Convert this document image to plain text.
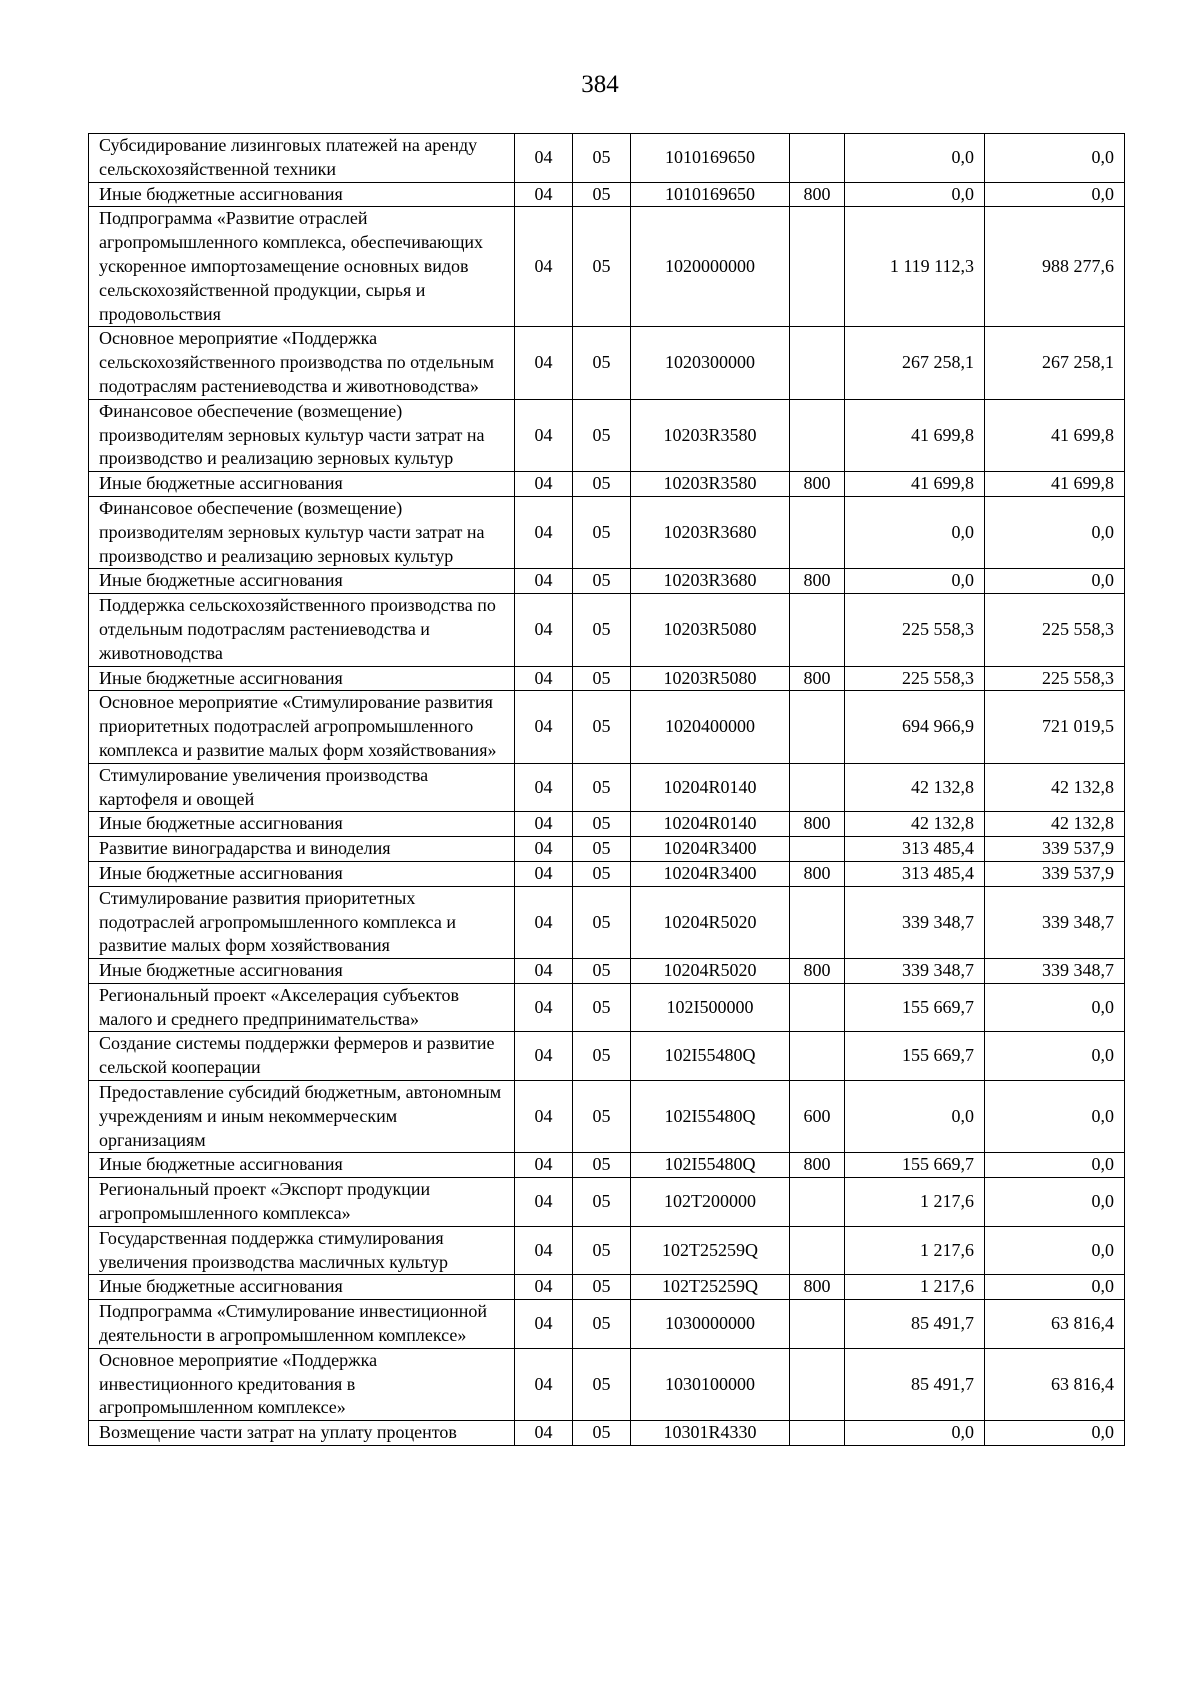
384
Субсидирование лизинговых платежей на аренду сельскохозяйственной техники	04	05	1010169650		0,0	0,0
Иные бюджетные ассигнования	04	05	1010169650	800	0,0	0,0
Подпрограмма «Развитие отраслей агропромышленного комплекса, обеспечивающих ускоренное импортозамещение основных видов сельскохозяйственной продукции, сырья и продовольствия	04	05	1020000000		1 119 112,3	988 277,6
Основное мероприятие «Поддержка сельскохозяйственного производства по отдельным подотраслям растениеводства и животноводства»	04	05	1020300000		267 258,1	267 258,1
Финансовое обеспечение (возмещение) производителям зерновых культур части затрат на производство и реализацию зерновых культур	04	05	10203R3580		41 699,8	41 699,8
Иные бюджетные ассигнования	04	05	10203R3580	800	41 699,8	41 699,8
Финансовое обеспечение (возмещение) производителям зерновых культур части затрат на производство и реализацию зерновых культур	04	05	10203R3680		0,0	0,0
Иные бюджетные ассигнования	04	05	10203R3680	800	0,0	0,0
Поддержка сельскохозяйственного производства по отдельным подотраслям растениеводства и животноводства	04	05	10203R5080		225 558,3	225 558,3
Иные бюджетные ассигнования	04	05	10203R5080	800	225 558,3	225 558,3
Основное мероприятие «Стимулирование развития приоритетных подотраслей агропромышленного комплекса и развитие малых форм хозяйствования»	04	05	1020400000		694 966,9	721 019,5
Стимулирование увеличения производства картофеля и овощей	04	05	10204R0140		42 132,8	42 132,8
Иные бюджетные ассигнования	04	05	10204R0140	800	42 132,8	42 132,8
Развитие виноградарства и виноделия	04	05	10204R3400		313 485,4	339 537,9
Иные бюджетные ассигнования	04	05	10204R3400	800	313 485,4	339 537,9
Стимулирование развития приоритетных подотраслей агропромышленного комплекса и развитие малых форм хозяйствования	04	05	10204R5020		339 348,7	339 348,7
Иные бюджетные ассигнования	04	05	10204R5020	800	339 348,7	339 348,7
Региональный проект «Акселерация субъектов малого и среднего предпринимательства»	04	05	102I500000		155 669,7	0,0
Создание системы поддержки фермеров и развитие сельской кооперации	04	05	102I55480Q		155 669,7	0,0
Предоставление субсидий бюджетным, автономным учреждениям и иным некоммерческим организациям	04	05	102I55480Q	600	0,0	0,0
Иные бюджетные ассигнования	04	05	102I55480Q	800	155 669,7	0,0
Региональный проект «Экспорт продукции агропромышленного комплекса»	04	05	102T200000		1 217,6	0,0
Государственная поддержка стимулирования увеличения производства масличных культур	04	05	102T25259Q		1 217,6	0,0
Иные бюджетные ассигнования	04	05	102T25259Q	800	1 217,6	0,0
Подпрограмма «Стимулирование инвестиционной деятельности в агропромышленном комплексе»	04	05	1030000000		85 491,7	63 816,4
Основное мероприятие «Поддержка инвестиционного кредитования в агропромышленном комплексе»	04	05	1030100000		85 491,7	63 816,4
Возмещение части затрат на уплату процентов	04	05	10301R4330		0,0	0,0
